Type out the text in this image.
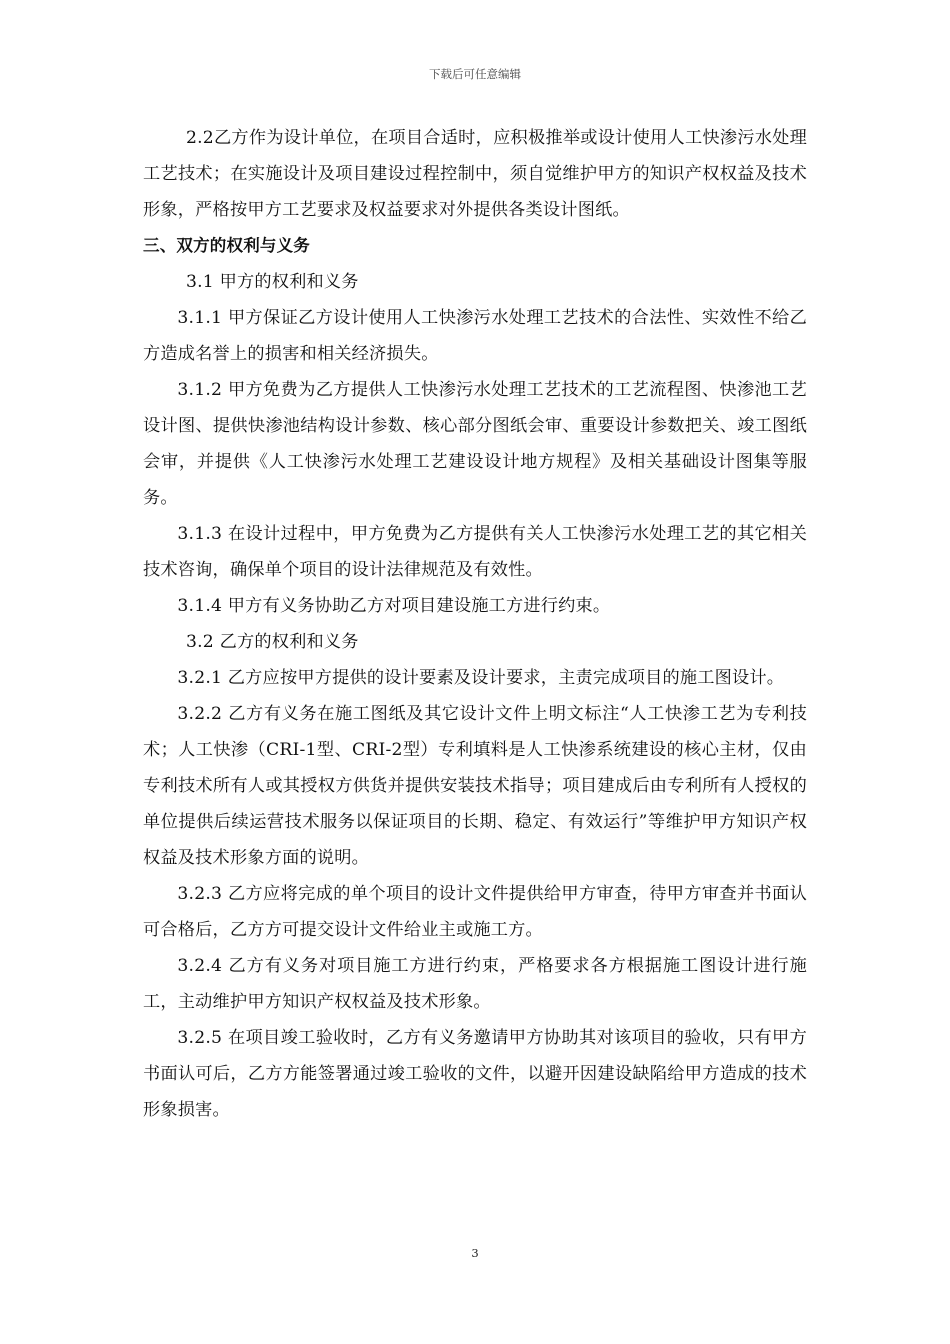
下载后可任意编辑

2.2乙方作为设计单位，在项目合适时，应积极推举或设计使用人工快渗污水处理工艺技术；在实施设计及项目建设过程控制中，须自觉维护甲方的知识产权权益及技术形象，严格按甲方工艺要求及权益要求对外提供各类设计图纸。

三、双方的权利与义务

3.1 甲方的权利和义务

3.1.1 甲方保证乙方设计使用人工快渗污水处理工艺技术的合法性、实效性不给乙方造成名誉上的损害和相关经济损失。

3.1.2 甲方免费为乙方提供人工快渗污水处理工艺技术的工艺流程图、快渗池工艺设计图、提供快渗池结构设计参数、核心部分图纸会审、重要设计参数把关、竣工图纸会审，并提供《人工快渗污水处理工艺建设设计地方规程》及相关基础设计图集等服务。

3.1.3 在设计过程中，甲方免费为乙方提供有关人工快渗污水处理工艺的其它相关技术咨询，确保单个项目的设计法律规范及有效性。

3.1.4 甲方有义务协助乙方对项目建设施工方进行约束。

3.2 乙方的权利和义务

3.2.1 乙方应按甲方提供的设计要素及设计要求，主责完成项目的施工图设计。

3.2.2 乙方有义务在施工图纸及其它设计文件上明文标注“人工快渗工艺为专利技术；人工快渗（CRI-1型、CRI-2型）专利填料是人工快渗系统建设的核心主材，仅由专利技术所有人或其授权方供货并提供安装技术指导；项目建成后由专利所有人授权的单位提供后续运营技术服务以保证项目的长期、稳定、有效运行”等维护甲方知识产权权益及技术形象方面的说明。

3.2.3 乙方应将完成的单个项目的设计文件提供给甲方审查，待甲方审查并书面认可合格后，乙方方可提交设计文件给业主或施工方。

3.2.4 乙方有义务对项目施工方进行约束，严格要求各方根据施工图设计进行施工，主动维护甲方知识产权权益及技术形象。

3.2.5 在项目竣工验收时，乙方有义务邀请甲方协助其对该项目的验收，只有甲方书面认可后，乙方方能签署通过竣工验收的文件，以避开因建设缺陷给甲方造成的技术形象损害。

3
